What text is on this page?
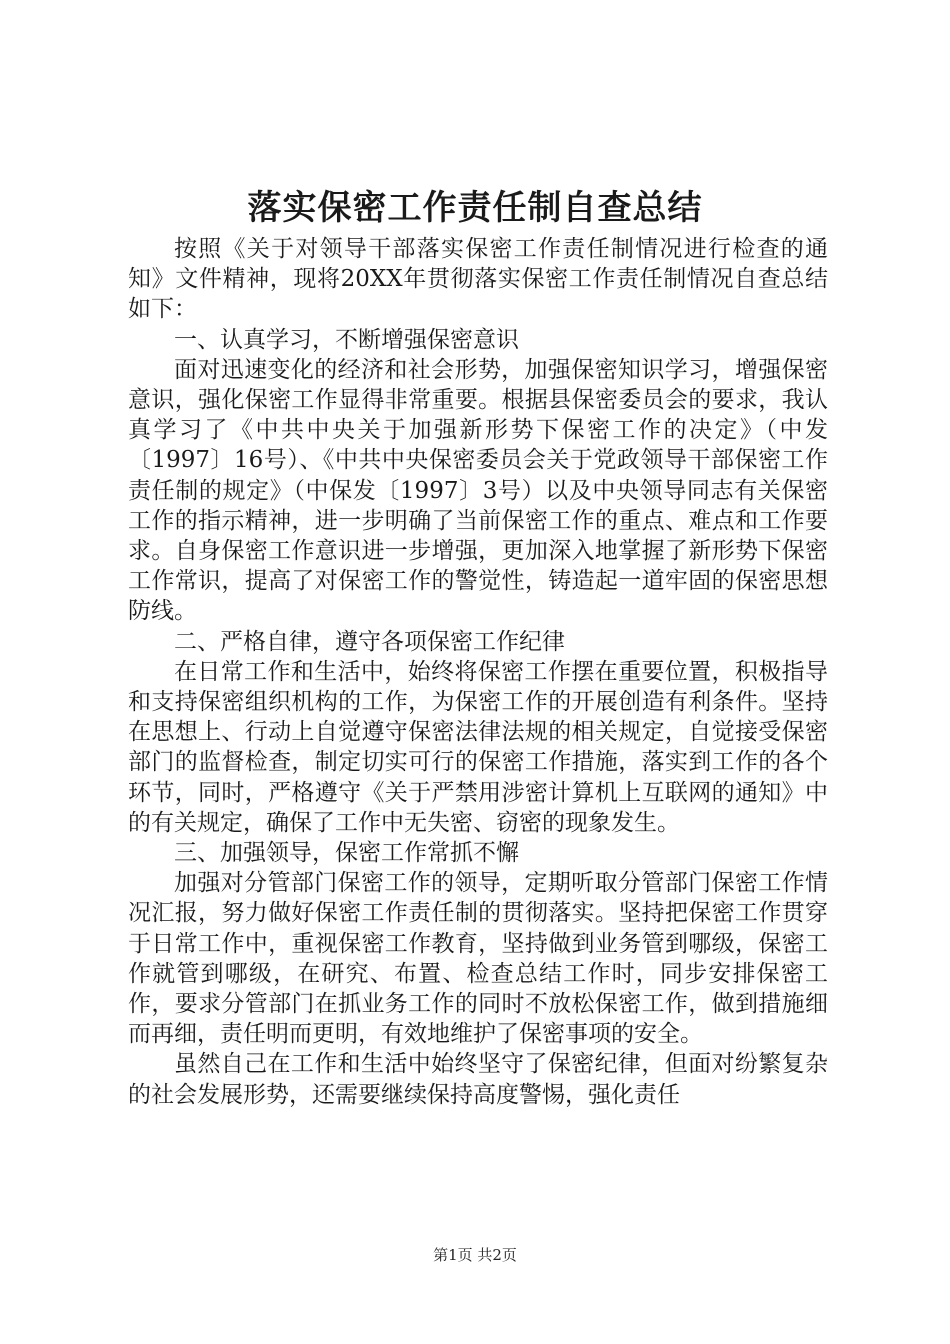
落实保密工作责任制自查总结

按照《关于对领导干部落实保密工作责任制情况进行检查的通知》文件精神，现将20XX年贯彻落实保密工作责任制情况自查总结如下：

一、认真学习，不断增强保密意识

面对迅速变化的经济和社会形势，加强保密知识学习，增强保密意识，强化保密工作显得非常重要。根据县保密委员会的要求，我认真学习了《中共中央关于加强新形势下保密工作的决定》（中发〔1997〕16号）、《中共中央保密委员会关于党政领导干部保密工作责任制的规定》（中保发〔1997〕3号）以及中央领导同志有关保密工作的指示精神，进一步明确了当前保密工作的重点、难点和工作要求。自身保密工作意识进一步增强，更加深入地掌握了新形势下保密工作常识，提高了对保密工作的警觉性，铸造起一道牢固的保密思想防线。

二、严格自律，遵守各项保密工作纪律

在日常工作和生活中，始终将保密工作摆在重要位置，积极指导和支持保密组织机构的工作，为保密工作的开展创造有利条件。坚持在思想上、行动上自觉遵守保密法律法规的相关规定，自觉接受保密部门的监督检查，制定切实可行的保密工作措施，落实到工作的各个环节，同时，严格遵守《关于严禁用涉密计算机上互联网的通知》中的有关规定，确保了工作中无失密、窃密的现象发生。

三、加强领导，保密工作常抓不懈

加强对分管部门保密工作的领导，定期听取分管部门保密工作情况汇报，努力做好保密工作责任制的贯彻落实。坚持把保密工作贯穿于日常工作中，重视保密工作教育，坚持做到业务管到哪级，保密工作就管到哪级，在研究、布置、检查总结工作时，同步安排保密工作，要求分管部门在抓业务工作的同时不放松保密工作，做到措施细而再细，责任明而更明，有效地维护了保密事项的安全。

虽然自己在工作和生活中始终坚守了保密纪律，但面对纷繁复杂的社会发展形势，还需要继续保持高度警惕，强化责任

第1页 共2页
